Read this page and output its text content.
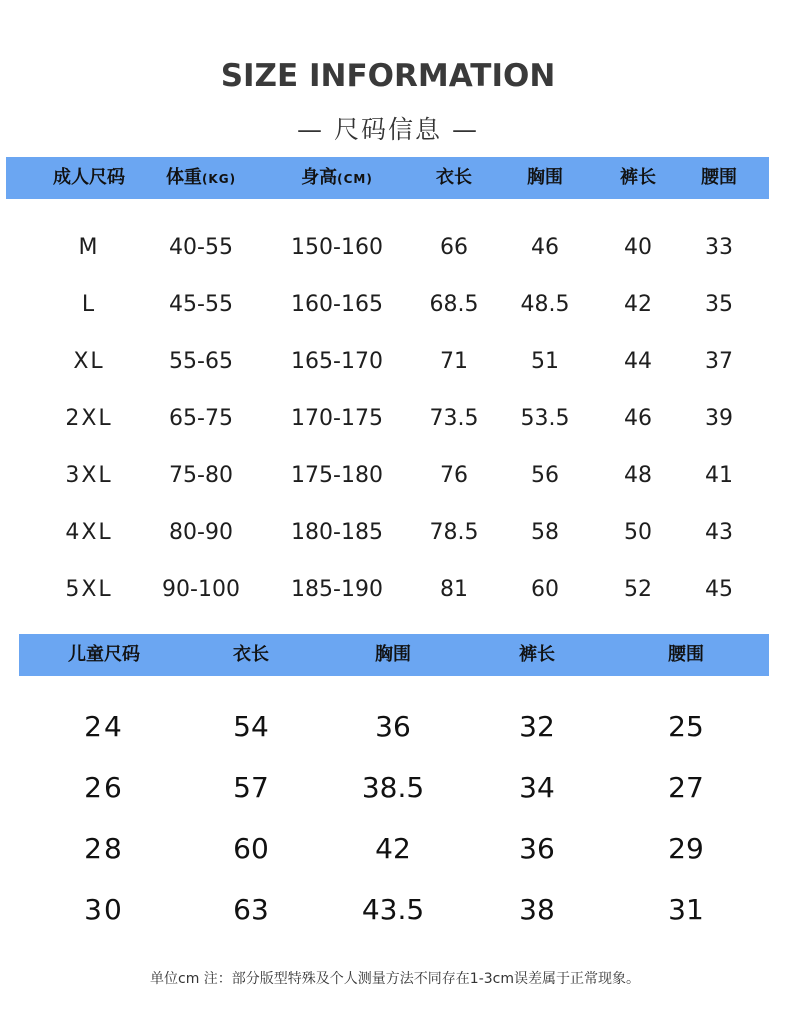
SIZE INFORMATION
— 尺码信息 —
成人尺码 体重(KG)	身高(CM)	衣长	胸围	裤长	腰围
M	40-55	150-160	66	46	40 33
L	45-55	160-165 68.5 48.5 42 35
XL	55-65	165-170	71	51	44 37
2XL	65-75	170-175 73.5 53.5 46 39
3XL	75-80	175-180	76	56	48 41
4XL	80-90	180-185 78.5 58	50 43
5XL 90-100 185-190	81	60	52 45
儿童尺码	衣长	胸围	裤长	腰围
24	54	36	32	25
26	57	38.5	34	27
28	60	42	36	29
30	63	43.5	38	31
单位cm 注：部分版型特殊及个人测量方法不同存在1-3cm误差属于正常现象。
